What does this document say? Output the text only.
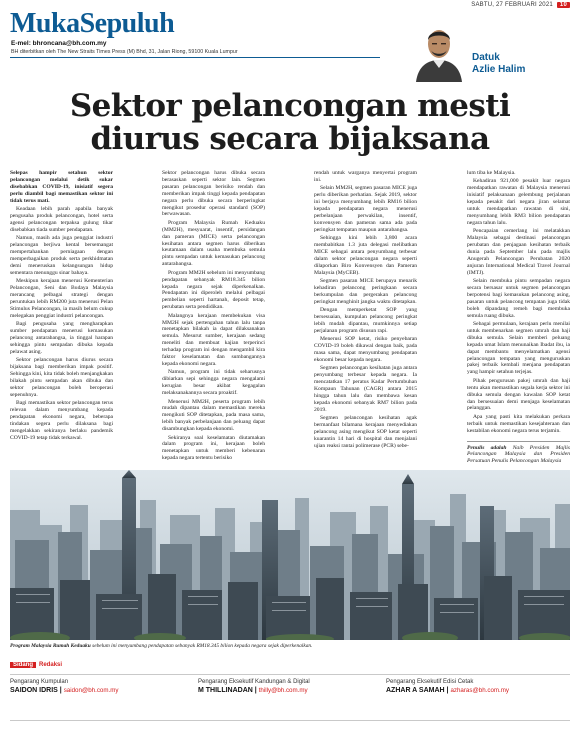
SABTU, 27 FEBRUARI 2021	10
MukaSepuluh
E-mel: bhroncana@bh.com.my
BH diterbitkan oleh The New Straits Times Press (M) Bhd, 31, Jalan Riong, 59100 Kuala Lumpur	Datuk
Azlie Halim
Sektor pelancongan mesti
diurus secara bijaksana

Selepas hampir setahun sektor pelancongan melalui detik sukar disebabkan COVID-19, inisiatif segera perlu diambil bagi memastikan sektor ini tidak terus mati.

Keadaan lebih parah apabila banyak pengusaha produk pelancongan, hotel serta agensi pelancongan terpaksa gulung tikar disebabkan tiada sumber pendapatan.

Namun, masih ada juga penggiat industri pelancongan berjiwa kental bersemangat mempertahankan perniagaan dengan memperbagaikan produk serta perkhidmatan demi meneruskan kelangsungan hidup sementara menunggu sinar bahaya.

Meskipun kerajaan menerusi Kementerian Pelancongan, Seni dan Budaya Malaysia merancang pelbagai strategi dengan peruntukan lebih RM200 juta menerusi Pelan Stimulus Pelancongan, ia masih belum cukup melegakan penggiat industri pelancongan.

Bagi pengusaha yang mengharapkan sumber pendapatan menerusi kemasukan pelancong antarabangsa, ia tinggal harapan sehingga pintu sempadan dibuka kepada pelawat asing.

Sektor pelancongan harus diurus secara bijaksana bagi memberikan impak positif. Sehingga kini, kita tidak boleh menjangkakan bilakah pintu sempadan akan dibuka dan sektor pelancongan boleh beroperasi sepenuhnya.

Bagi memastikan sektor pelancongan terus relevan dalam menyumbang kepada pendapatan ekonomi negara, beberapa tindakan segera perlu dilaksana bagi mengelakkan sekiranya berlaku pandemik COVID-19 tetap tidak terkawal.

Sektor pelancongan harus dibuka secara berasaskan seperti sektor lain. Segmen pasaran pelancongan berisiko rendah dan memberikan impak tinggi kepada pendapatan negara perlu dibuka secara berperingkat mengikut prosedur operasi standard (SOP) berwawasan.

Program Malaysia Rumah Keduaku (MM2H), mesyuarat, insentif, persidangan dan pameran (MICE) serta pelancongan kesihatan antara segmen harus diberikan keutamaan dalam usaha membuka semula pintu sempadan untuk kemasukan pelancong antarabangsa.

Program MM2H sebelum ini menyumbang pendapatan sebanyak RM18.345 bilion kepada negara sejak diperkenalkan. Pendapatan ini diperoleh melalui pelbagai pembelian seperti hartanah, deposit tetap, perubatan serta pendidikan.

Malangnya kerajaan membekukan visa MM2H sejak pertengahan tahun lalu tanpa menetapkan bilakah ia dapat dilaksanakan semula. Mesurut sumber, kerajaan sedang meneliti dan membuat kajian terperinci terhadap program ini dengan mengambil kira faktor keselamatan dan sumbangannya kepada ekonomi negara.

Namun, program ini tidak seharusnya dibiarkan sepi sehingga negara mengalami kerugian besar akibat kegagalan melaksanakannya secara proaktif.

Menerusi MM2H, peserta program lebih mudah dipantau dalam memastikan mereka mengikuti SOP ditetapkan, pada masa sama, lebih banyak perbelanjaan dan peluang dapat disambungkan kepada ekonomi.

Sekiranya soal keselamatan diutamakan dalam program ini, kerajaan boleh menetapkan untuk memberi kebenaran kepada negara tertentu berisiko

rendah untuk warganya menyertai program ini.

Selain MM2H, segmen pasaran MICE juga perlu diberikan perhatian. Sejak 2019, sektor ini berjaya menyumbang lebih RM16 bilion kepada pendapatan negara menerusi perbelanjaan perwakilan, insentif, konvensyen dan pameran sama ada pada peringkat tempatan maupun antarabangsa.

Sehingga kini lebih 3,800 acara membabitkan 1.3 juta delegasi melibatkan MICE sebagai antara penyumbang terbesar dalam sektor pelancongan negara seperti dilaporkan Biro Konvensyen dan Pameran Malaysia (MyCEB).

Segmen pasaran MICE berupaya menarik kehadiran pelancong peringkaan secara berkumpulan dan pergerakan pelancong peringkat menghinit jangka waktu ditetapkan.

Dengan memperketat SOP yang bersesuaian, kumpulan pelancong peringkat lebih mudah dipantau, mumkinnya setiap perjalanan program disusun rapi.

Menerusi SOP ketat, risiko penyebaran COVID-19 boleh dikawal dengan baik, pada masa sama, dapat menyumbang pendapatan ekonomi besar kepada negara.

Segmen pelancongan kesihatan juga antara penyumbang terbesar kepada negara. Ia mencatatkan 17 peratus Kadar Pertumbuhan Kompaun Tahunan (CAGR) antara 2015 hingga tahun lalu dan membawa kesan kepada ekonomi sebanyak RM7 bilion pada 2019.

Segmen pelancongan kesihatan agak bermanfaat bilamana kerajaan menyediakan pelancong asing mengikut SOP ketat seperti kuarantin 14 hari di hospital dan menjalani ujian reaksi rantai polimerase (PCR) sebe-

lum tiba ke Malaysia.

Kehadiran 921,000 pesakit luar negara mendapatkan rawatan di Malaysia menerusi inisiatif pelaksanaan gelembung perjalanan kepada pesakit dari negara jiran selamat untuk mendapatkan rawatan di sini, menyumbang lebih RM3 bilion pendapatan negara tahun lalu.

Pencapaian cemerlang ini melatakkan Malaysia sebagai destinasi pelancongan perubatan dan penjagaan kesihatan terbaik dunia pada September lalu pada majlis Anugerah Pelancongan Perubatan 2020 anjuran International Medical Travel Journal (IMTJ).

Selain membuka pintu sempadan negara secara bersasar untuk segmen pelancongan berpotensi bagi kemasukan pelancong asing, pasaran untuk pelancong tempatan juga tidak boleh dipandang remeh bagi membuka semula ruang dibuka.

Sebagai permulaan, kerajaan perlu menilai untuk membenarkan segmen umrah dan haji dibuka semula. Selain memberi peluang kepada umat Islam menunaikan Ibadat ibu, ia dapat membantu menyelamatkan agensi pelancongan tempatan yang menguruskan pakej terbaik kembali menjana pendapatan yang hampir setahun terjejas.

Pihak pengurusan pakej umrah dan haji tentu akan memastikan segala kerja sektor ini dibuka semula dengan kawalan SOP ketat dan bersesuaian demi menjaga keselamatan pelanggan.

Apa yang pasti kita melakukan perkara terbaik untuk memastikan kesejahteraan dan kestabilan ekonomi negara terus terjamin.

Penulis adalah Naib Presiden Majlis Pelancongan Malaysia dan Presiden Persatuan Penulis Pelancongan Malaysia

Program Malaysia Rumah Keduaku sebelum ini menyumbang pendapatan sebanyak RM18.345 bilion kepada negara sejak diperkenalkan.
Sidang	Redaksi
Pengarang Kumpulan
SAIDON IDRIS | saidon@bh.com.my
Pengarang Eksekutif Kandungan & Digital
M THILLINADAN | thilly@bh.com.my
Pengarang Eksekutif Edisi Cetak
AZHAR A SAMAH | azharas@bh.com.my
